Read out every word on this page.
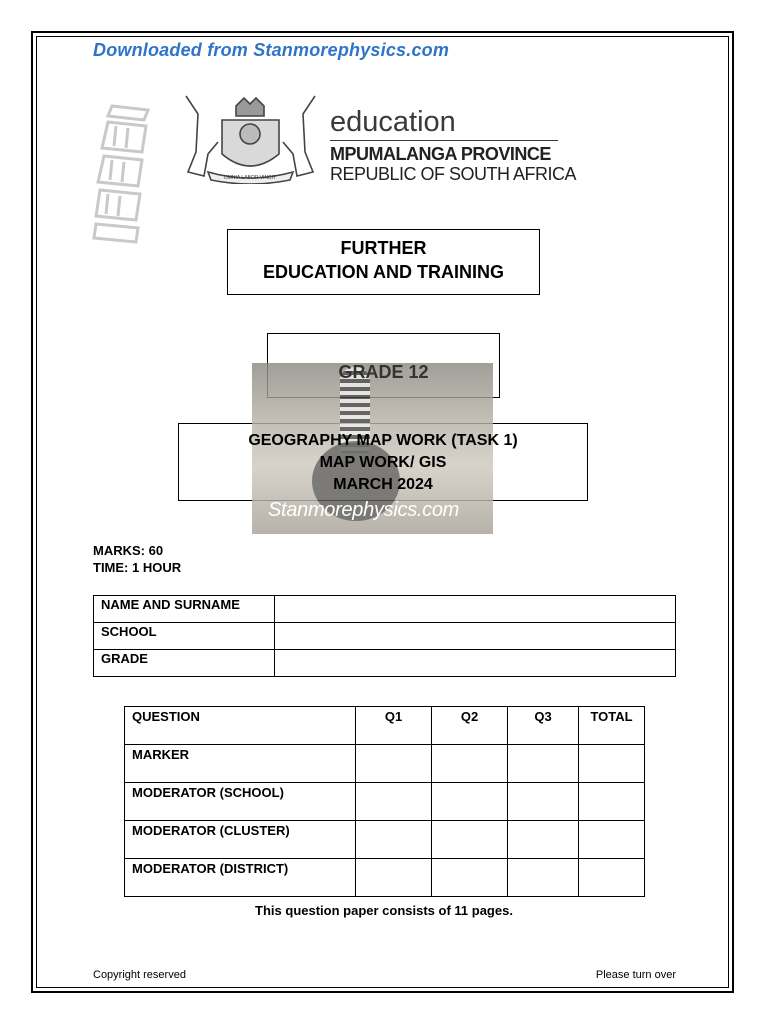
Downloaded from Stanmorephysics.com
OMNIA LABOR VINCIT
education
MPUMALANGA PROVINCE
REPUBLIC OF SOUTH AFRICA
FURTHER
EDUCATION AND TRAINING
GRADE 12
GEOGRAPHY MAP WORK (TASK 1)
MAP WORK/ GIS
MARCH 2024
Stanmorephysics.com
MARKS: 60
TIME: 1 HOUR
NAME AND SURNAME	
SCHOOL	
GRADE	
QUESTION	Q1	Q2	Q3	TOTAL
MARKER				
MODERATOR (SCHOOL)				
MODERATOR (CLUSTER)				
MODERATOR (DISTRICT)				
This question paper consists of 11 pages.
Copyright reserved	Please turn over
